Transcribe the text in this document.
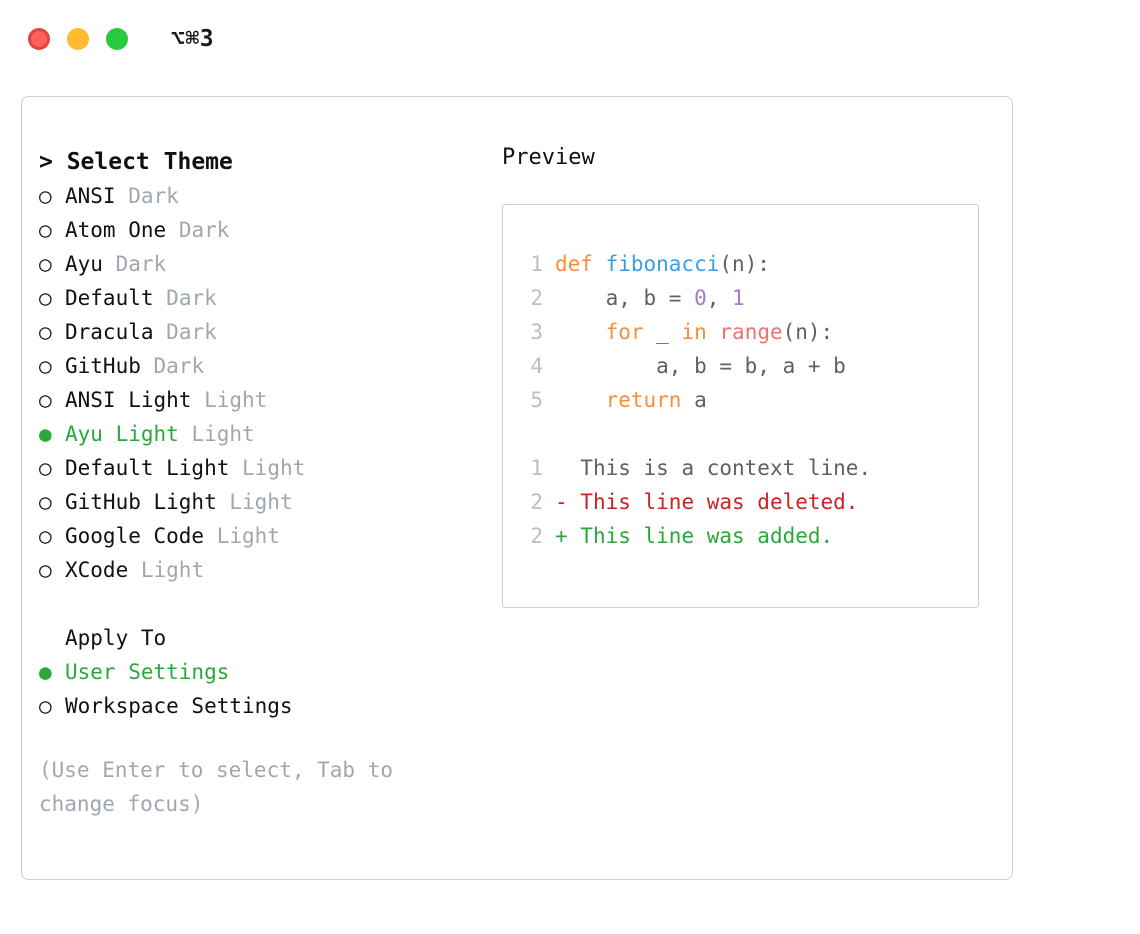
⌥⌘3
> Select Theme
○ ANSI Dark
○ Atom One Dark
○ Ayu Dark
○ Default Dark
○ Dracula Dark
○ GitHub Dark
○ ANSI Light Light
● Ayu Light Light
○ Default Light Light
○ GitHub Light Light
○ Google Code Light
○ XCode Light
Apply To
● User Settings
○ Workspace Settings
(Use Enter to select, Tab to change focus)
Preview
1 def fibonacci(n):
2    a, b = 0, 1
3	for _ in range(n):
4        a, b = b, a + b
5	return a
1 This is a context line.
2 - This line was deleted.
2 + This line was added.
